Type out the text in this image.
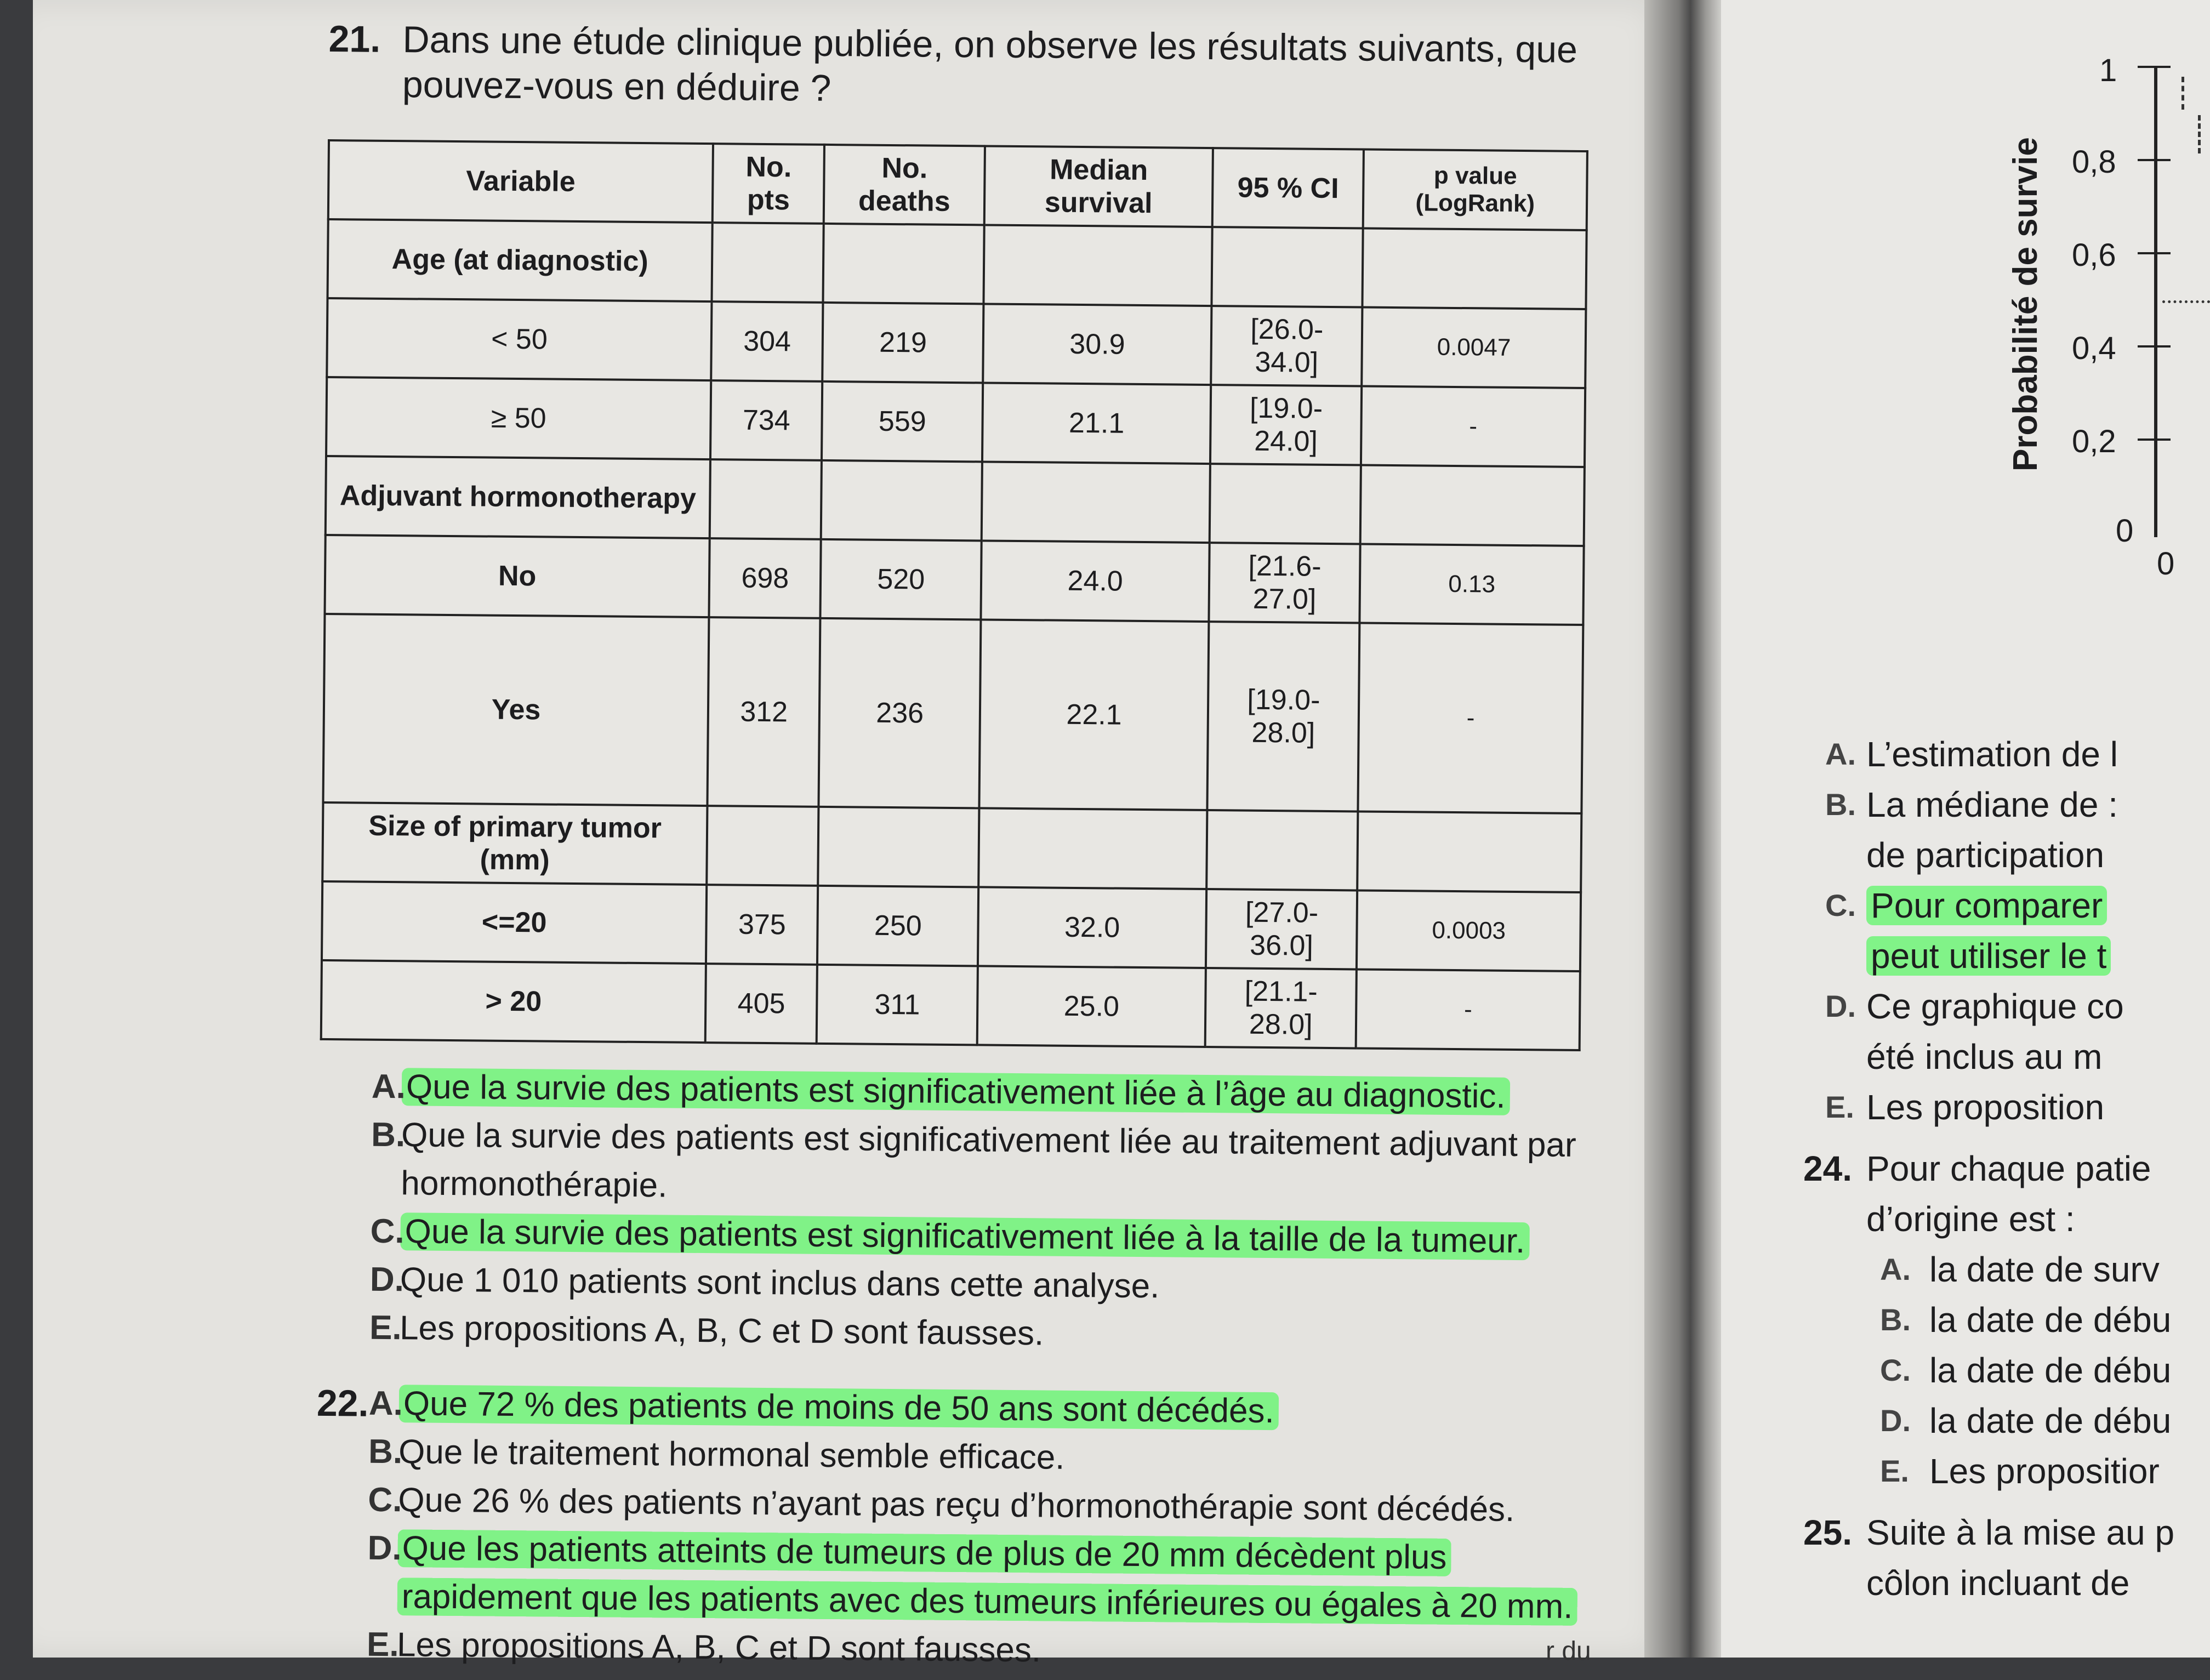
21. Dans une étude clinique publiée, on observe les résultats suivants, que pouvez-vous en déduire ?
Variable	No. pts	No. deaths	Median survival	95 % CI	p value (LogRank)
Age (at diagnostic)					
< 50	304	219	30.9	[26.0-34.0]	0.0047
≥ 50	734	559	21.1	[19.0-24.0]	-
Adjuvant hormonotherapy					
No	698	520	24.0	[21.6-27.0]	0.13
Yes	312	236	22.1	[19.0-28.0]	-
Size of primary tumor (mm)					
<=20	375	250	32.0	[27.0-36.0]	0.0003
> 20	405	311	25.0	[21.1-28.0]	-
A. Que la survie des patients est significativement liée à l’âge au diagnostic.
B.
Que la survie des patients est significativement liée au traitement adjuvant par hormonothérapie.
C. Que la survie des patients est significativement liée à la taille de la tumeur.
D.
Que 1 010 patients sont inclus dans cette analyse.
E.
Les propositions A, B, C et D sont fausses.
22. A. Que 72 % des patients de moins de 50 ans sont décédés.
B.
Que le traitement hormonal semble efficace.
C.
Que 26 % des patients n’ayant pas reçu d’hormonothérapie sont décédés.
D. Que les patients atteints de tumeurs de plus de 20 mm décèdent plus rapidement que les patients avec des tumeurs inférieures ou égales à 20 mm.
E.
Les propositions A, B, C et D sont fausses.	r du
Probabilité de survie
1
0,8
0,6
0,4
0,2
0
0
A. L’estimation de l
B. La médiane de :
de participation
C. Pour comparer
peut utiliser le t
D. Ce graphique co
été inclus au m
E. Les proposition
24. Pour chaque patie
d’origine est :
A. la date de surv
B. la date de débu
C. la date de débu
D. la date de débu
E. Les propositior
25. Suite à la mise au p
côlon incluant de
